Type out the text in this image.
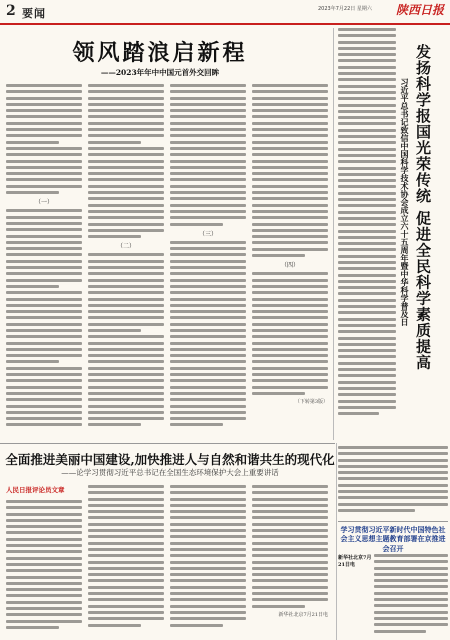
2 要闻	2023年7月22日 星期六 陕西日报
领风踏浪启新程
——2023年年中中国元首外交回眸
（一）
（二）
（三）
（四）
（下转第3版）
发扬科学报国光荣传统 促进全民科学素质提高
习近平总书记致信中国科学技术协会成立六十五周年暨中华科学普及日
全面推进美丽中国建设,加快推进人与自然和谐共生的现代化
——论学习贯彻习近平总书记在全国生态环境保护大会上重要讲话
人民日报评论员文章
新华社北京7月21日电
学习贯彻习近平新时代中国特色社会主义思想主题教育部署在京推进会召开
新华社北京7月21日电
